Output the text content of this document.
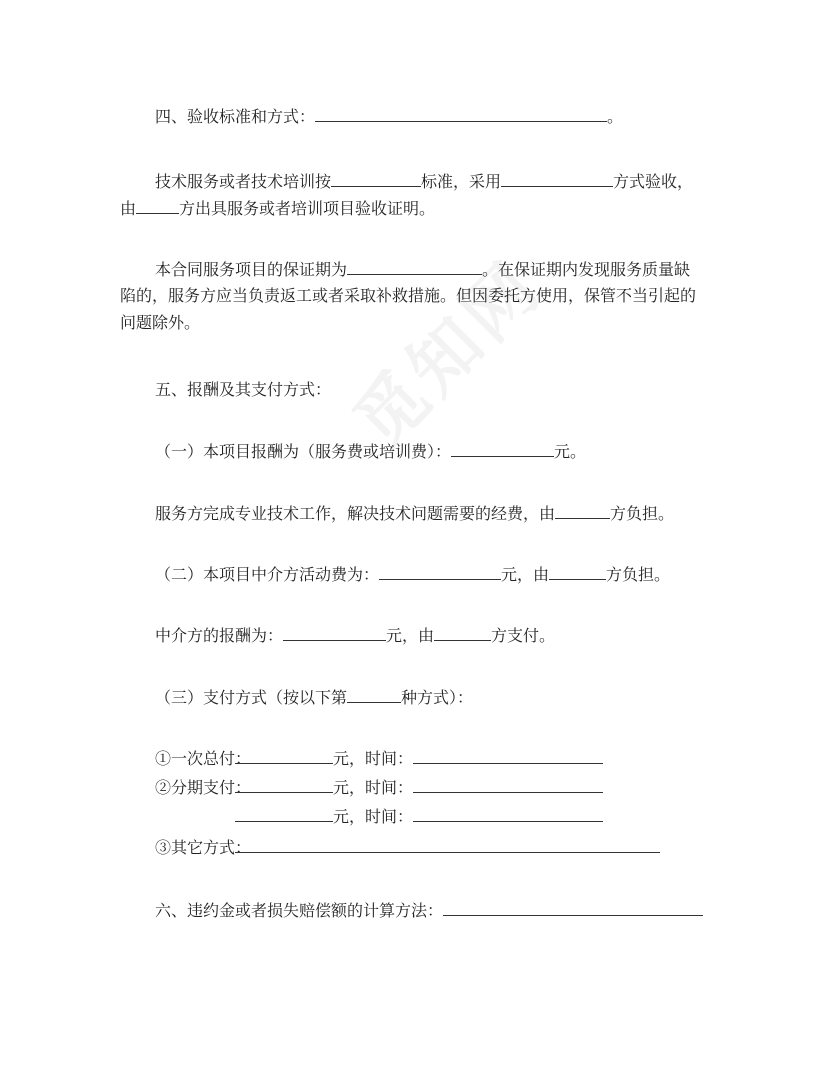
四、验收标准和方式：	。
技术服务或者技术培训按	标准，采用	方式验收，
由	方出具服务或者培训项目验收证明。
本合同服务项目的保证期为	。在保证期内发现服务质量缺
陷的，服务方应当负责返工或者采取补救措施。但因委托方使用，保管不当引起的
问题除外。
五、报酬及其支付方式：
（一）本项目报酬为（服务费或培训费）：	元。
服务方完成专业技术工作，解决技术问题需要的经费，由	方负担。
（二）本项目中介方活动费为：	元，由	方负担。
中介方的报酬为：	元，由	方支付。
（三）支付方式（按以下第	种方式）：
①一次总付：	元，时间：
②分期支付：	元，时间：
元，时间：
③其它方式：
六、违约金或者损失赔偿额的计算方法：
